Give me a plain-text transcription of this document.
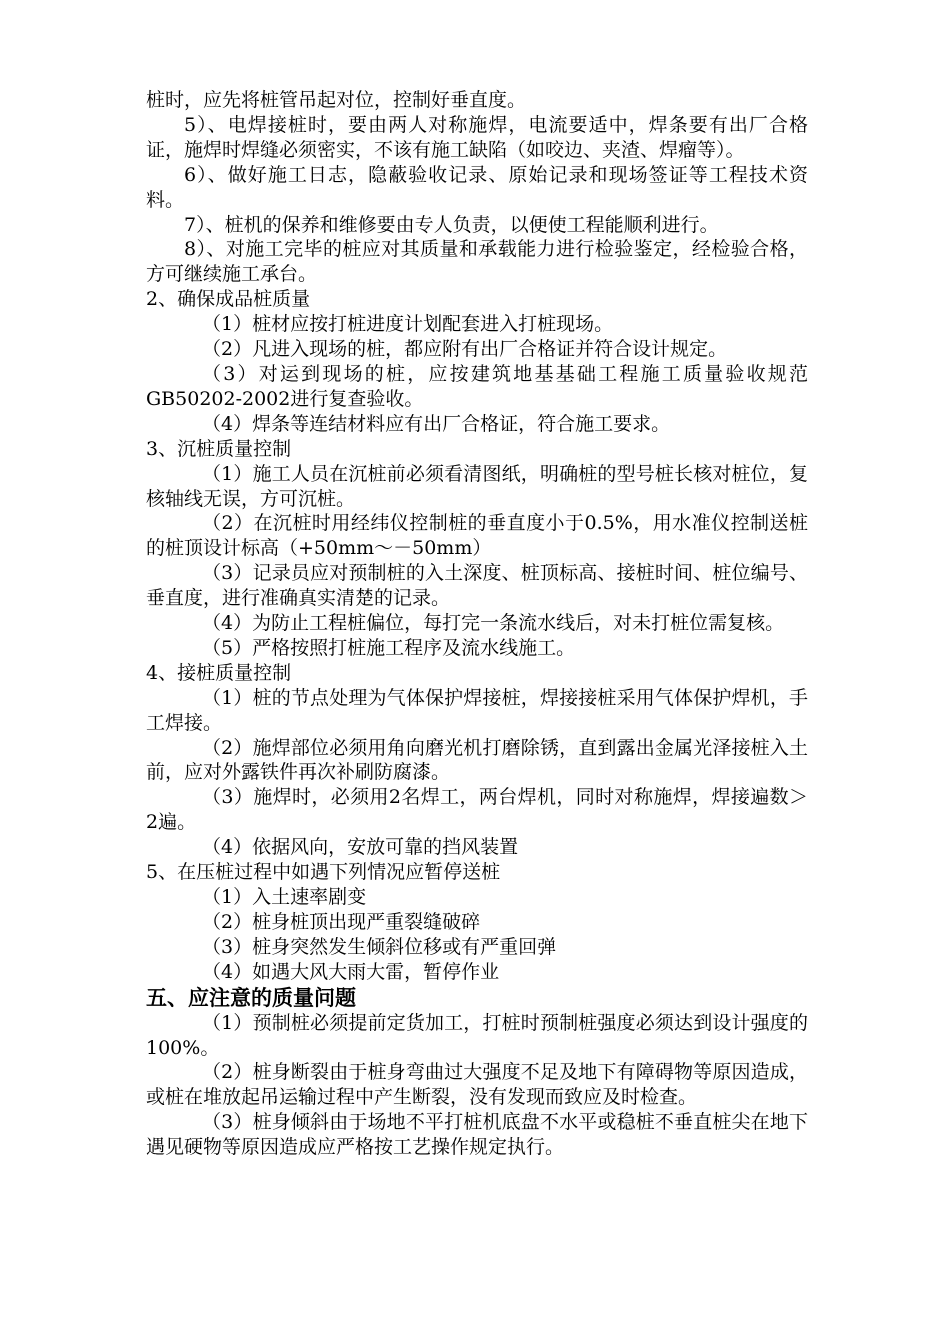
桩时，应先将桩管吊起对位，控制好垂直度。

5）、电焊接桩时，要由两人对称施焊，电流要适中，焊条要有出厂合格证，施焊时焊缝必须密实，不该有施工缺陷（如咬边、夹渣、焊瘤等）。

6）、做好施工日志，隐蔽验收记录、原始记录和现场签证等工程技术资料。

7）、桩机的保养和维修要由专人负责，以便使工程能顺利进行。

8）、对施工完毕的桩应对其质量和承载能力进行检验鉴定，经检验合格，方可继续施工承台。

2、确保成品桩质量

（1）桩材应按打桩进度计划配套进入打桩现场。

（2）凡进入现场的桩，都应附有出厂合格证并符合设计规定。

（3）对运到现场的桩，应按建筑地基基础工程施工质量验收规范GB50202-2002进行复查验收。

（4）焊条等连结材料应有出厂合格证，符合施工要求。

3、沉桩质量控制

（1）施工人员在沉桩前必须看清图纸，明确桩的型号桩长核对桩位，复核轴线无误，方可沉桩。

（2）在沉桩时用经纬仪控制桩的垂直度小于0.5%，用水准仪控制送桩的桩顶设计标高（+50mm～－50mm）

（3）记录员应对预制桩的入土深度、桩顶标高、接桩时间、桩位编号、垂直度，进行准确真实清楚的记录。

（4）为防止工程桩偏位，每打完一条流水线后，对未打桩位需复核。

（5）严格按照打桩施工程序及流水线施工。

4、接桩质量控制

（1）桩的节点处理为气体保护焊接桩，焊接接桩采用气体保护焊机，手工焊接。

（2）施焊部位必须用角向磨光机打磨除锈，直到露出金属光泽接桩入土前，应对外露铁件再次补刷防腐漆。

（3）施焊时，必须用2名焊工，两台焊机，同时对称施焊，焊接遍数＞2遍。

（4）依据风向，安放可靠的挡风装置

5、在压桩过程中如遇下列情况应暂停送桩

（1）入土速率剧变

（2）桩身桩顶出现严重裂缝破碎

（3）桩身突然发生倾斜位移或有严重回弹

（4）如遇大风大雨大雷，暂停作业

五、应注意的质量问题

（1）预制桩必须提前定货加工，打桩时预制桩强度必须达到设计强度的100%。

（2）桩身断裂由于桩身弯曲过大强度不足及地下有障碍物等原因造成，或桩在堆放起吊运输过程中产生断裂，没有发现而致应及时检查。

（3）桩身倾斜由于场地不平打桩机底盘不水平或稳桩不垂直桩尖在地下遇见硬物等原因造成应严格按工艺操作规定执行。
